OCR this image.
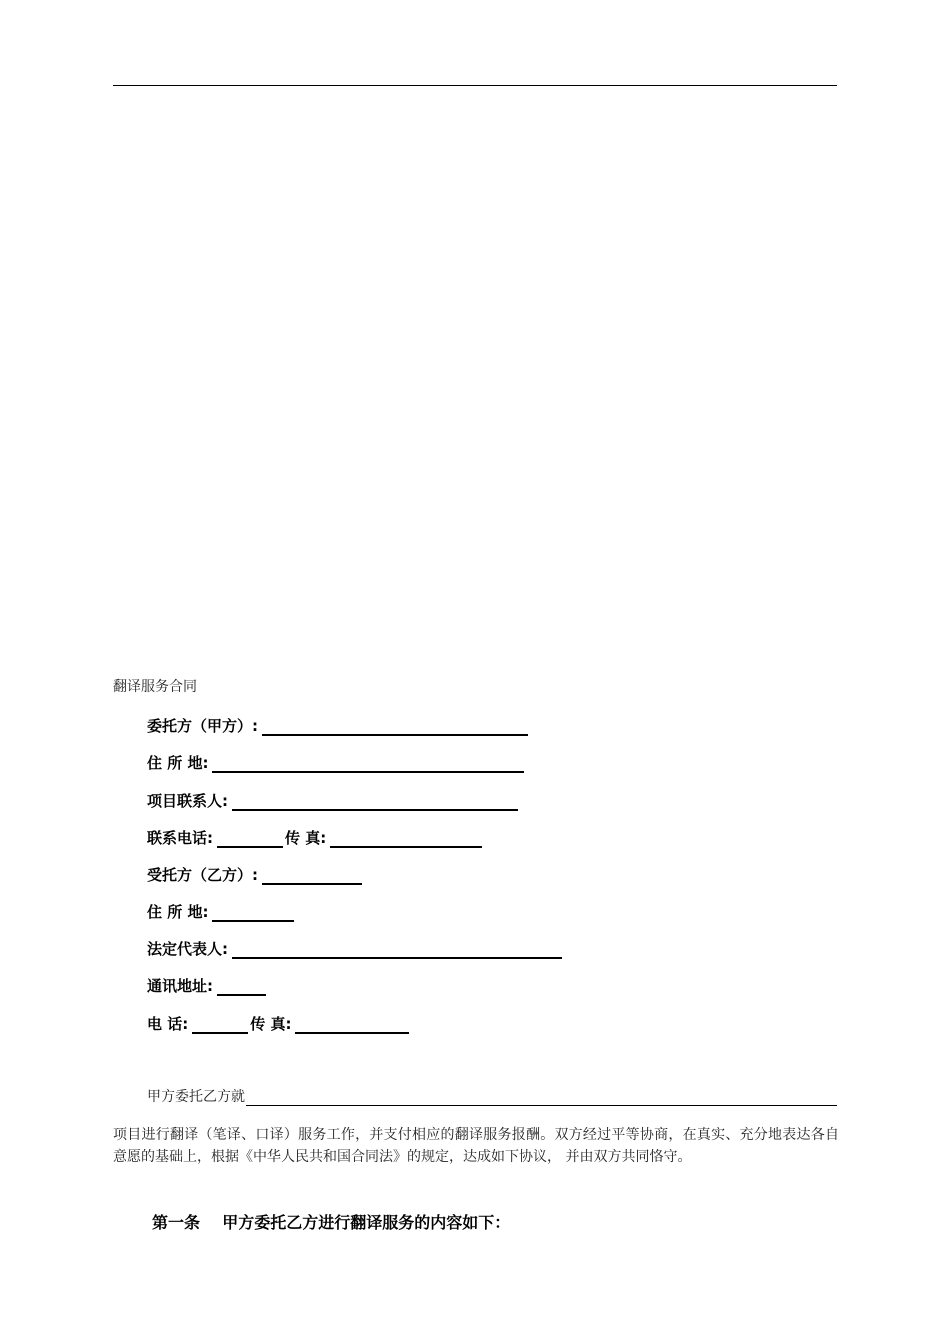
翻译服务合同
委托方（甲方）:
住 所 地:
项目联系人:
联系电话:	传 真:
受托方（乙方）:
住 所 地:
法定代表人:
通讯地址:
电 话:	传 真:
甲方委托乙方就
项目进行翻译（笔译、口译）服务工作，并支付相应的翻译服务报酬。双方经过平等协商，在真实、充分地表达各自意愿的基础上，根据《中华人民共和国合同法》的规定，达成如下协议， 并由双方共同恪守。
第一条    甲方委托乙方进行翻译服务的内容如下：
